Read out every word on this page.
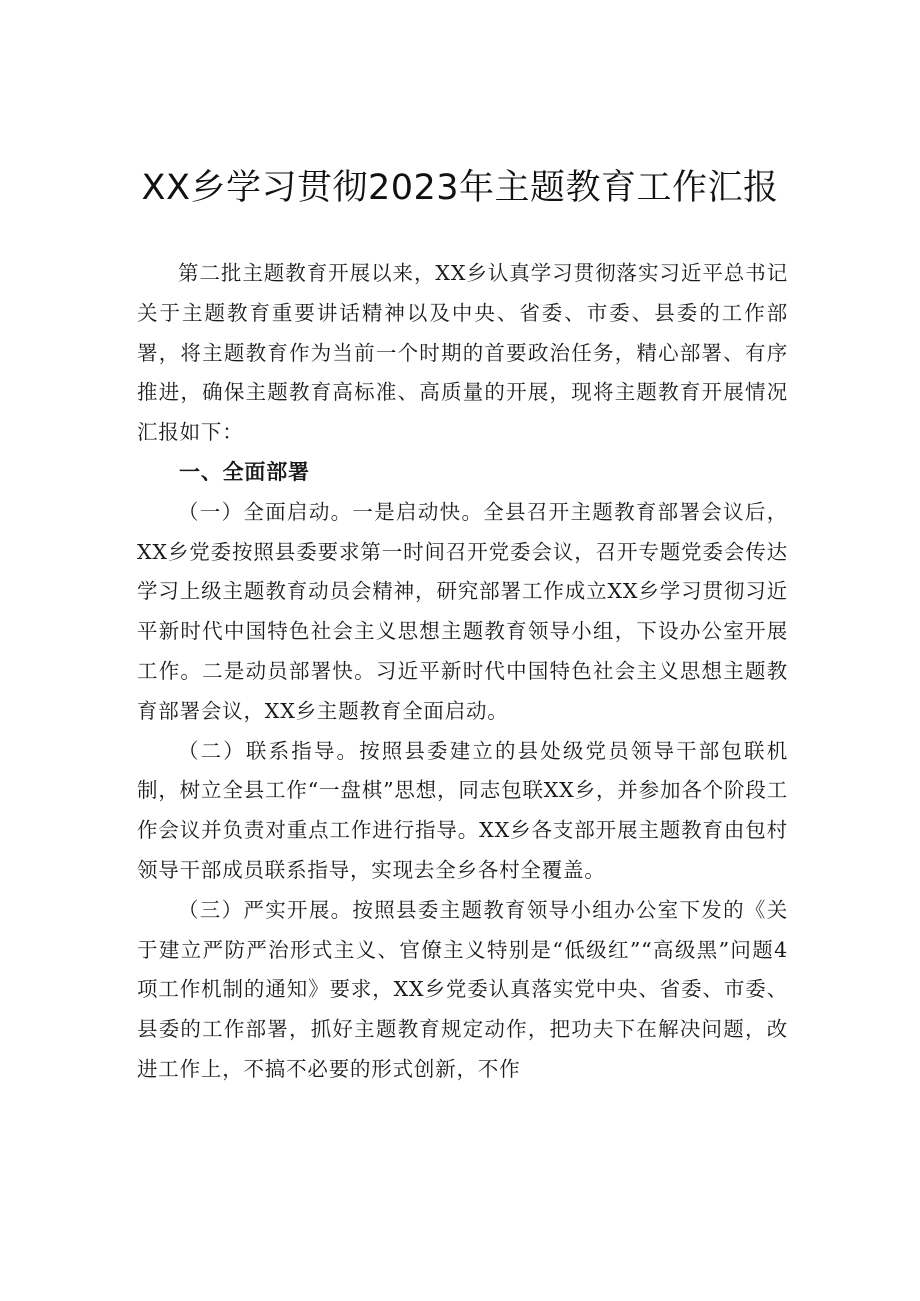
XX乡学习贯彻2023年主题教育工作汇报

第二批主题教育开展以来，XX乡认真学习贯彻落实习近平总书记关于主题教育重要讲话精神以及中央、省委、市委、县委的工作部署，将主题教育作为当前一个时期的首要政治任务，精心部署、有序推进，确保主题教育高标准、高质量的开展，现将主题教育开展情况汇报如下：

一、全面部署

（一）全面启动。一是启动快。全县召开主题教育部署会议后，XX乡党委按照县委要求第一时间召开党委会议，召开专题党委会传达学习上级主题教育动员会精神，研究部署工作成立XX乡学习贯彻习近平新时代中国特色社会主义思想主题教育领导小组，下设办公室开展工作。二是动员部署快。习近平新时代中国特色社会主义思想主题教育部署会议，XX乡主题教育全面启动。

（二）联系指导。按照县委建立的县处级党员领导干部包联机制，树立全县工作“一盘棋”思想，同志包联XX乡，并参加各个阶段工作会议并负责对重点工作进行指导。XX乡各支部开展主题教育由包村领导干部成员联系指导，实现去全乡各村全覆盖。

（三）严实开展。按照县委主题教育领导小组办公室下发的《关于建立严防严治形式主义、官僚主义特别是“低级红”“高级黑”问题4项工作机制的通知》要求，XX乡党委认真落实党中央、省委、市委、县委的工作部署，抓好主题教育规定动作，把功夫下在解决问题，改进工作上，不搞不必要的形式创新，不作
